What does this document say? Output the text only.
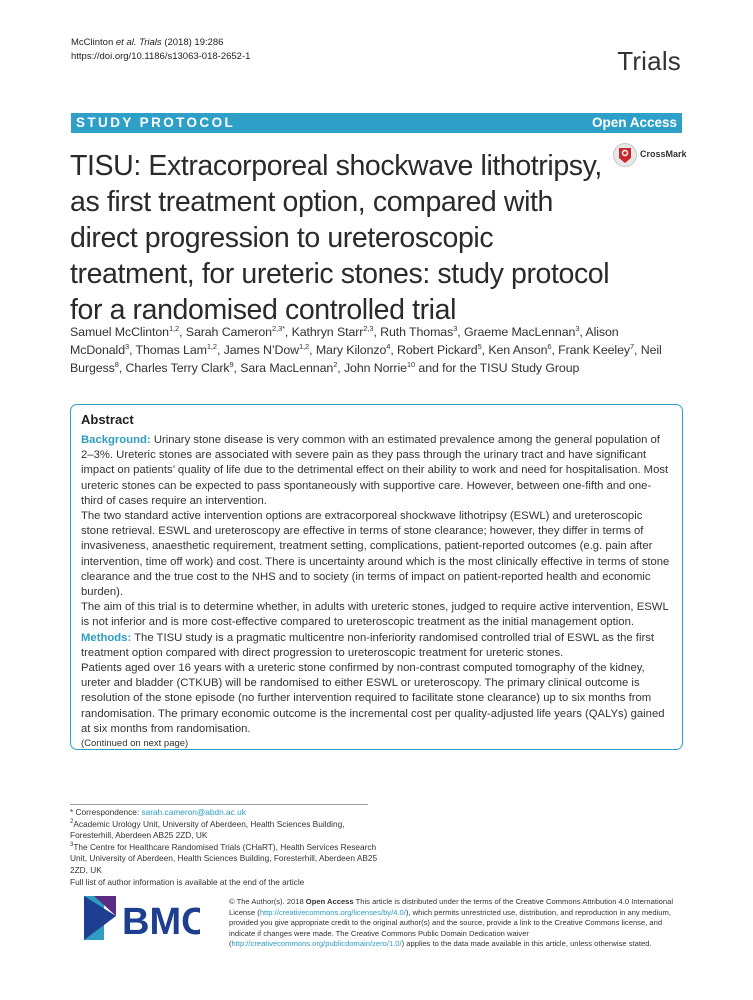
McClinton et al. Trials (2018) 19:286
https://doi.org/10.1186/s13063-018-2652-1	Trials
STUDY PROTOCOL	Open Access
TISU: Extracorporeal shockwave lithotripsy, as first treatment option, compared with direct progression to ureteroscopic treatment, for ureteric stones: study protocol for a randomised controlled trial
CrossMark
Samuel McClinton$^{1,2}$, Sarah Cameron$^{2,3*}$, Kathryn Starr$^{2,3}$, Ruth Thomas$^3$, Graeme MacLennan$^3$, Alison McDonald$^3$, Thomas Lam$^{1,2}$, James N’Dow$^{1,2}$, Mary Kilonzo$^4$, Robert Pickard$^5$, Ken Anson$^6$, Frank Keeley$^7$, Neil Burgess$^8$, Charles Terry Clark$^9$, Sara MacLennan$^2$, John Norrie$^{10}$ and for the TISU Study Group
Abstract

Background: Urinary stone disease is very common with an estimated prevalence among the general population of 2–3%. Ureteric stones are associated with severe pain as they pass through the urinary tract and have significant impact on patients’ quality of life due to the detrimental effect on their ability to work and need for hospitalisation. Most ureteric stones can be expected to pass spontaneously with supportive care. However, between one-fifth and one-third of cases require an intervention.

The two standard active intervention options are extracorporeal shockwave lithotripsy (ESWL) and ureteroscopic stone retrieval. ESWL and ureteroscopy are effective in terms of stone clearance; however, they differ in terms of invasiveness, anaesthetic requirement, treatment setting, complications, patient-reported outcomes (e.g. pain after intervention, time off work) and cost. There is uncertainty around which is the most clinically effective in terms of stone clearance and the true cost to the NHS and to society (in terms of impact on patient-reported health and economic burden).

The aim of this trial is to determine whether, in adults with ureteric stones, judged to require active intervention, ESWL is not inferior and is more cost-effective compared to ureteroscopic treatment as the initial management option.

Methods: The TISU study is a pragmatic multicentre non-inferiority randomised controlled trial of ESWL as the first treatment option compared with direct progression to ureteroscopic treatment for ureteric stones.

Patients aged over 16 years with a ureteric stone confirmed by non-contrast computed tomography of the kidney, ureter and bladder (CTKUB) will be randomised to either ESWL or ureteroscopy. The primary clinical outcome is resolution of the stone episode (no further intervention required to facilitate stone clearance) up to six months from randomisation. The primary economic outcome is the incremental cost per quality-adjusted life years (QALYs) gained at six months from randomisation.

(Continued on next page)
* Correspondence: sarah.cameron@abdn.ac.uk
$^2$Academic Urology Unit, University of Aberdeen, Health Sciences Building, Foresterhill, Aberdeen AB25 2ZD, UK
$^3$The Centre for Healthcare Randomised Trials (CHaRT), Health Services Research Unit, University of Aberdeen, Health Sciences Building, Foresterhill, Aberdeen AB25 2ZD, UK
Full list of author information is available at the end of the article
BMC	© The Author(s). 2018 Open Access This article is distributed under the terms of the Creative Commons Attribution 4.0 International License (http://creativecommons.org/licenses/by/4.0/), which permits unrestricted use, distribution, and reproduction in any medium, provided you give appropriate credit to the original author(s) and the source, provide a link to the Creative Commons license, and indicate if changes were made. The Creative Commons Public Domain Dedication waiver (http://creativecommons.org/publicdomain/zero/1.0/) applies to the data made available in this article, unless otherwise stated.
